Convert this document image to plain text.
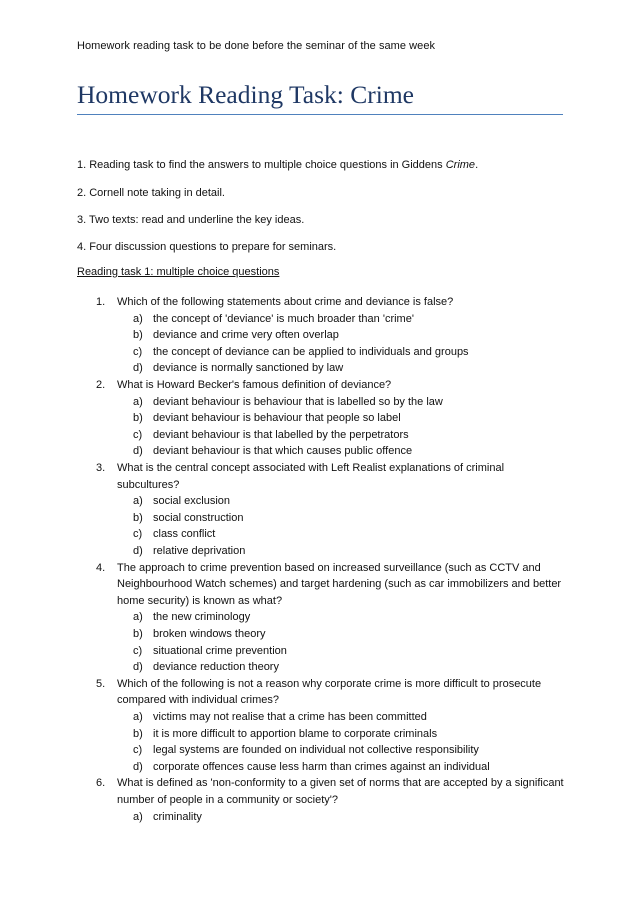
Homework reading task to be done before the seminar of the same week
Homework Reading Task: Crime
1. Reading task to find the answers to multiple choice questions in Giddens Crime.
2. Cornell note taking in detail.
3. Two texts: read and underline the key ideas.
4. Four discussion questions to prepare for seminars.
Reading task 1: multiple choice questions
1. Which of the following statements about crime and deviance is false?
a) the concept of 'deviance' is much broader than 'crime'
b) deviance and crime very often overlap
c) the concept of deviance can be applied to individuals and groups
d) deviance is normally sanctioned by law
2. What is Howard Becker's famous definition of deviance?
a) deviant behaviour is behaviour that is labelled so by the law
b) deviant behaviour is behaviour that people so label
c) deviant behaviour is that labelled by the perpetrators
d) deviant behaviour is that which causes public offence
3. What is the central concept associated with Left Realist explanations of criminal
subcultures?
a) social exclusion
b) social construction
c) class conflict
d) relative deprivation
4. The approach to crime prevention based on increased surveillance (such as CCTV and
Neighbourhood Watch schemes) and target hardening (such as car immobilizers and better
home security) is known as what?
a) the new criminology
b) broken windows theory
c) situational crime prevention
d) deviance reduction theory
5. Which of the following is not a reason why corporate crime is more difficult to prosecute
compared with individual crimes?
a) victims may not realise that a crime has been committed
b) it is more difficult to apportion blame to corporate criminals
c) legal systems are founded on individual not collective responsibility
d) corporate offences cause less harm than crimes against an individual
6. What is defined as 'non-conformity to a given set of norms that are accepted by a significant
number of people in a community or society'?
a) criminality
